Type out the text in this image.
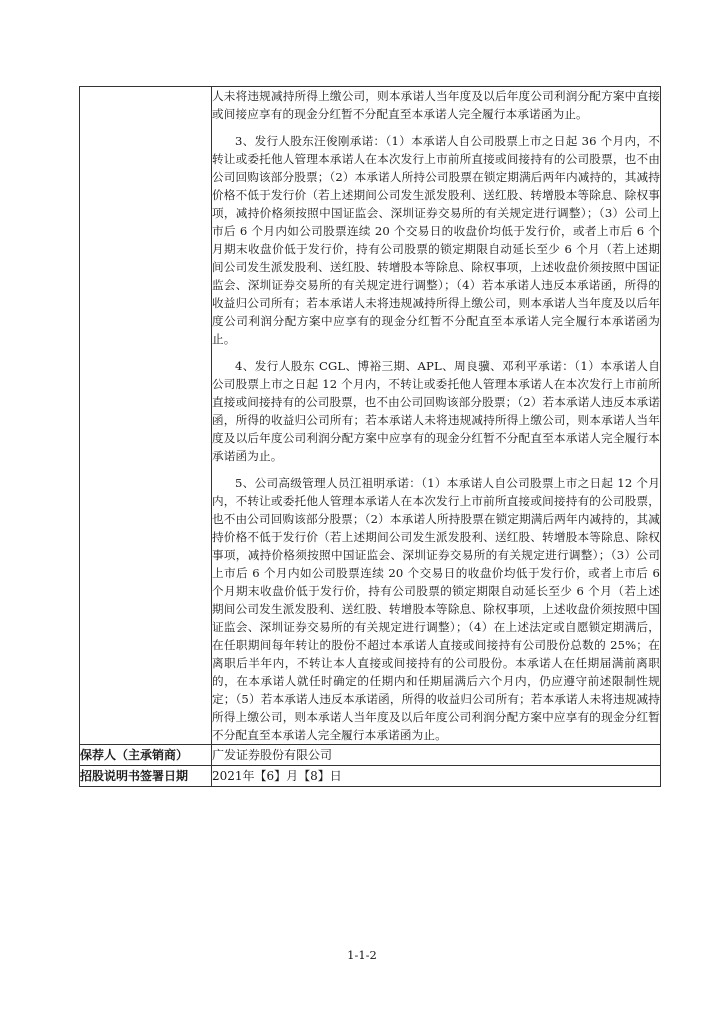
	人未将违规减持所得上缴公司，则本承诺人当年度及以后年度公司利润分配方案中直接或间接应享有的现金分红暂不分配直至本承诺人完全履行本承诺函为止。

3、发行人股东汪俊刚承诺：（1）本承诺人自公司股票上市之日起 36 个月内，不转让或委托他人管理本承诺人在本次发行上市前所直接或间接持有的公司股票，也不由公司回购该部分股票；（2）本承诺人所持公司股票在锁定期满后两年内减持的，其减持价格不低于发行价（若上述期间公司发生派发股利、送红股、转增股本等除息、除权事项，减持价格须按照中国证监会、深圳证券交易所的有关规定进行调整）；（3）公司上市后 6 个月内如公司股票连续 20 个交易日的收盘价均低于发行价，或者上市后 6 个月期末收盘价低于发行价，持有公司股票的锁定期限自动延长至少 6 个月（若上述期间公司发生派发股利、送红股、转增股本等除息、除权事项，上述收盘价须按照中国证监会、深圳证券交易所的有关规定进行调整）；（4）若本承诺人违反本承诺函，所得的收益归公司所有；若本承诺人未将违规减持所得上缴公司，则本承诺人当年度及以后年度公司利润分配方案中应享有的现金分红暂不分配直至本承诺人完全履行本承诺函为止。

4、发行人股东 CGL、博裕三期、APL、周良骥、邓利平承诺：（1）本承诺人自公司股票上市之日起 12 个月内，不转让或委托他人管理本承诺人在本次发行上市前所直接或间接持有的公司股票，也不由公司回购该部分股票；（2）若本承诺人违反本承诺函，所得的收益归公司所有；若本承诺人未将违规减持所得上缴公司，则本承诺人当年度及以后年度公司利润分配方案中应享有的现金分红暂不分配直至本承诺人完全履行本承诺函为止。

5、公司高级管理人员江祖明承诺：（1）本承诺人自公司股票上市之日起 12 个月内，不转让或委托他人管理本承诺人在本次发行上市前所直接或间接持有的公司股票，也不由公司回购该部分股票；（2）本承诺人所持股票在锁定期满后两年内减持的，其减持价格不低于发行价（若上述期间公司发生派发股利、送红股、转增股本等除息、除权事项，减持价格须按照中国证监会、深圳证券交易所的有关规定进行调整）；（3）公司上市后 6 个月内如公司股票连续 20 个交易日的收盘价均低于发行价，或者上市后 6 个月期末收盘价低于发行价，持有公司股票的锁定期限自动延长至少 6 个月（若上述期间公司发生派发股利、送红股、转增股本等除息、除权事项，上述收盘价须按照中国证监会、深圳证券交易所的有关规定进行调整）；（4）在上述法定或自愿锁定期满后，在任职期间每年转让的股份不超过本承诺人直接或间接持有公司股份总数的 25%；在离职后半年内，不转让本人直接或间接持有的公司股份。本承诺人在任期届满前离职的，在本承诺人就任时确定的任期内和任期届满后六个月内，仍应遵守前述限制性规定；（5）若本承诺人违反本承诺函，所得的收益归公司所有；若本承诺人未将违规减持所得上缴公司，则本承诺人当年度及以后年度公司利润分配方案中应享有的现金分红暂不分配直至本承诺人完全履行本承诺函为止。

保荐人（主承销商）	广发证券股份有限公司
招股说明书签署日期	2021年【6】月【8】日
1-1-2
